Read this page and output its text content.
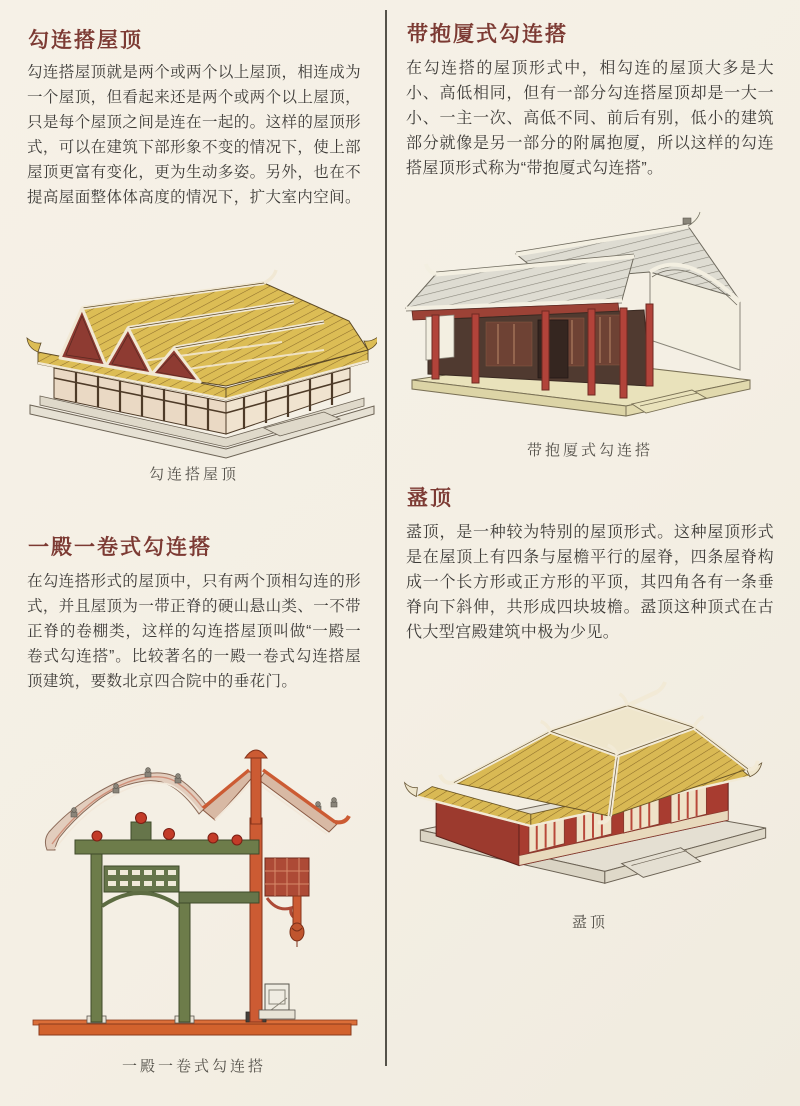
勾连搭屋顶
勾连搭屋顶就是两个或两个以上屋顶，相连成为一个屋顶，但看起来还是两个或两个以上屋顶，只是每个屋顶之间是连在一起的。这样的屋顶形式，可以在建筑下部形象不变的情况下，使上部屋顶更富有变化，更为生动多姿。另外，也在不提高屋面整体体高度的情况下，扩大室内空间。
勾连搭屋顶
一殿一卷式勾连搭
在勾连搭形式的屋顶中，只有两个顶相勾连的形式，并且屋顶为一带正脊的硬山悬山类、一不带正脊的卷棚类，这样的勾连搭屋顶叫做“一殿一卷式勾连搭”。比较著名的一殿一卷式勾连搭屋顶建筑，要数北京四合院中的垂花门。
一殿一卷式勾连搭
带抱厦式勾连搭
在勾连搭的屋顶形式中，相勾连的屋顶大多是大小、高低相同，但有一部分勾连搭屋顶却是一大一小、一主一次、高低不同、前后有别，低小的建筑部分就像是另一部分的附属抱厦，所以这样的勾连搭屋顶形式称为“带抱厦式勾连搭”。
带抱厦式勾连搭
盝顶
盝顶，是一种较为特别的屋顶形式。这种屋顶形式是在屋顶上有四条与屋檐平行的屋脊，四条屋脊构成一个长方形或正方形的平顶，其四角各有一条垂脊向下斜伸，共形成四块坡檐。盝顶这种顶式在古代大型宫殿建筑中极为少见。
盝顶
